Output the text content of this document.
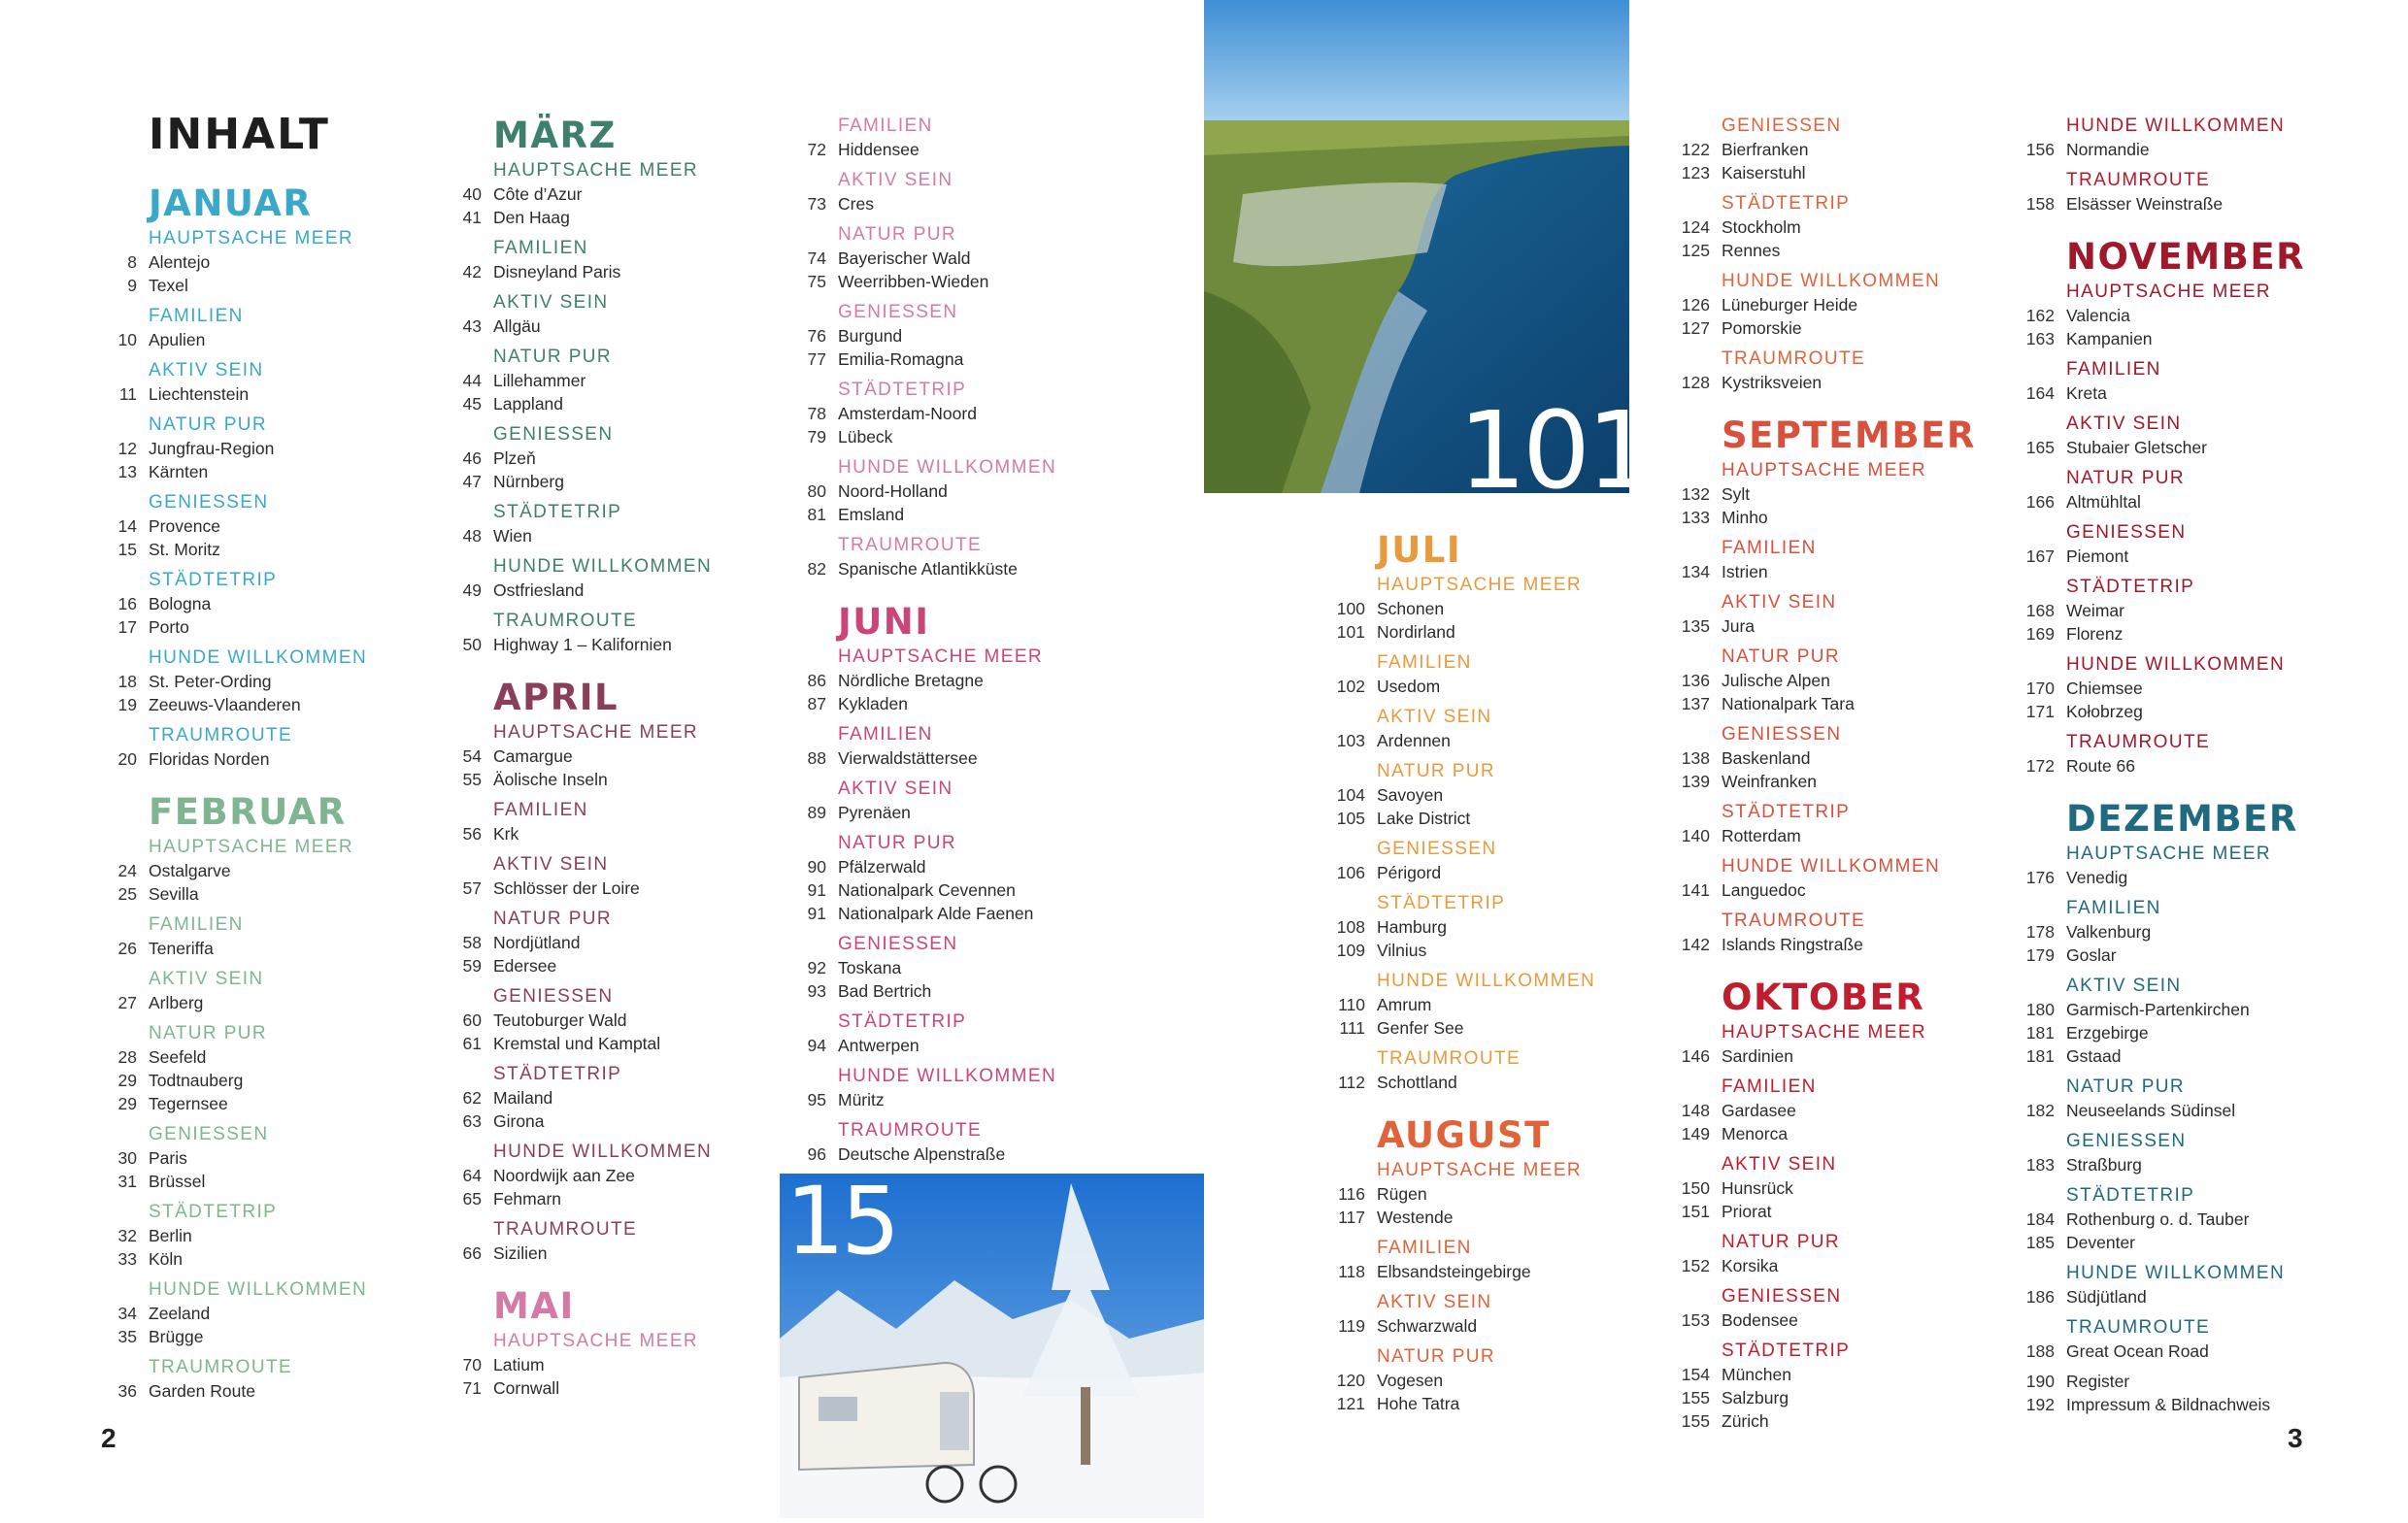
INHALT
2	3
101
15
JANUAR
HAUPTSACHE MEER
8 Alentejo
9 Texel
FAMILIEN
10 Apulien
AKTIV SEIN
11 Liechtenstein
NATUR PUR
12 Jungfrau-Region
13 Kärnten
GENIESSEN
14 Provence
15 St. Moritz
STÄDTETRIP
16 Bologna
17 Porto
HUNDE WILLKOMMEN
18 St. Peter-Ording
19 Zeeuws-Vlaanderen
TRAUMROUTE
20 Floridas Norden
FEBRUAR
HAUPTSACHE MEER
24 Ostalgarve
25 Sevilla
FAMILIEN
26 Teneriffa
AKTIV SEIN
27 Arlberg
NATUR PUR
28 Seefeld
29 Todtnauberg
29 Tegernsee
GENIESSEN
30 Paris
31 Brüssel
STÄDTETRIP
32 Berlin
33 Köln
HUNDE WILLKOMMEN
34 Zeeland
35 Brügge
TRAUMROUTE
36 Garden Route
MÄRZ
HAUPTSACHE MEER
40 Côte d’Azur
41 Den Haag
FAMILIEN
42 Disneyland Paris
AKTIV SEIN
43 Allgäu
NATUR PUR
44 Lillehammer
45 Lappland
GENIESSEN
46 Plzeň
47 Nürnberg
STÄDTETRIP
48 Wien
HUNDE WILLKOMMEN
49 Ostfriesland
TRAUMROUTE
50 Highway 1 – Kalifornien
APRIL
HAUPTSACHE MEER
54 Camargue
55 Äolische Inseln
FAMILIEN
56 Krk
AKTIV SEIN
57 Schlösser der Loire
NATUR PUR
58 Nordjütland
59 Edersee
GENIESSEN
60 Teutoburger Wald
61 Kremstal und Kamptal
STÄDTETRIP
62 Mailand
63 Girona
HUNDE WILLKOMMEN
64 Noordwijk aan Zee
65 Fehmarn
TRAUMROUTE
66 Sizilien
MAI
HAUPTSACHE MEER
70 Latium
71 Cornwall
FAMILIEN
72 Hiddensee
AKTIV SEIN
73 Cres
NATUR PUR
74 Bayerischer Wald
75 Weerribben-Wieden
GENIESSEN
76 Burgund
77 Emilia-Romagna
STÄDTETRIP
78 Amsterdam-Noord
79 Lübeck
HUNDE WILLKOMMEN
80 Noord-Holland
81 Emsland
TRAUMROUTE
82 Spanische Atlantikküste
JUNI
HAUPTSACHE MEER
86 Nördliche Bretagne
87 Kykladen
FAMILIEN
88 Vierwaldstättersee
AKTIV SEIN
89 Pyrenäen
NATUR PUR
90 Pfälzerwald
91 Nationalpark Cevennen
91 Nationalpark Alde Faenen
GENIESSEN
92 Toskana
93 Bad Bertrich
STÄDTETRIP
94 Antwerpen
HUNDE WILLKOMMEN
95 Müritz
TRAUMROUTE
96 Deutsche Alpenstraße
JULI
HAUPTSACHE MEER
100 Schonen
101 Nordirland
FAMILIEN
102 Usedom
AKTIV SEIN
103 Ardennen
NATUR PUR
104 Savoyen
105 Lake District
GENIESSEN
106 Périgord
STÄDTETRIP
108 Hamburg
109 Vilnius
HUNDE WILLKOMMEN
110 Amrum
111 Genfer See
TRAUMROUTE
112 Schottland
AUGUST
HAUPTSACHE MEER
116 Rügen
117 Westende
FAMILIEN
118 Elbsandsteingebirge
AKTIV SEIN
119 Schwarzwald
NATUR PUR
120 Vogesen
121 Hohe Tatra
GENIESSEN
122 Bierfranken
123 Kaiserstuhl
STÄDTETRIP
124 Stockholm
125 Rennes
HUNDE WILLKOMMEN
126 Lüneburger Heide
127 Pomorskie
TRAUMROUTE
128 Kystriksveien
SEPTEMBER
HAUPTSACHE MEER
132 Sylt
133 Minho
FAMILIEN
134 Istrien
AKTIV SEIN
135 Jura
NATUR PUR
136 Julische Alpen
137 Nationalpark Tara
GENIESSEN
138 Baskenland
139 Weinfranken
STÄDTETRIP
140 Rotterdam
HUNDE WILLKOMMEN
141 Languedoc
TRAUMROUTE
142 Islands Ringstraße
OKTOBER
HAUPTSACHE MEER
146 Sardinien
FAMILIEN
148 Gardasee
149 Menorca
AKTIV SEIN
150 Hunsrück
151 Priorat
NATUR PUR
152 Korsika
GENIESSEN
153 Bodensee
STÄDTETRIP
154 München
155 Salzburg
155 Zürich
HUNDE WILLKOMMEN
156 Normandie
TRAUMROUTE
158 Elsässer Weinstraße
NOVEMBER
HAUPTSACHE MEER
162 Valencia
163 Kampanien
FAMILIEN
164 Kreta
AKTIV SEIN
165 Stubaier Gletscher
NATUR PUR
166 Altmühltal
GENIESSEN
167 Piemont
STÄDTETRIP
168 Weimar
169 Florenz
HUNDE WILLKOMMEN
170 Chiemsee
171 Kołobrzeg
TRAUMROUTE
172 Route 66
DEZEMBER
HAUPTSACHE MEER
176 Venedig
FAMILIEN
178 Valkenburg
179 Goslar
AKTIV SEIN
180 Garmisch-Partenkirchen
181 Erzgebirge
181 Gstaad
NATUR PUR
182 Neuseelands Südinsel
GENIESSEN
183 Straßburg
STÄDTETRIP
184 Rothenburg o. d. Tauber
185 Deventer
HUNDE WILLKOMMEN
186 Südjütland
TRAUMROUTE
188 Great Ocean Road
190 Register
192 Impressum & Bildnachweis
